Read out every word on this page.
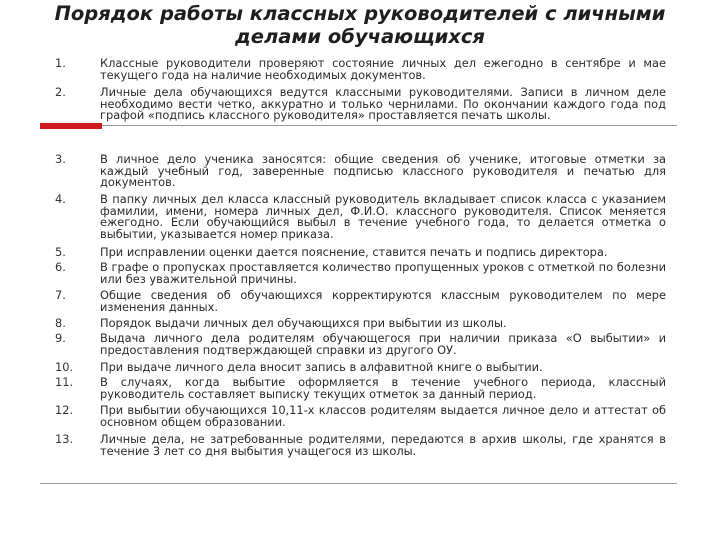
Порядок работы классных руководителей с личными
делами обучающихся
1.	Классные руководители проверяют состояние личных дел ежегодно в сентябре и мае текущего года на наличие необходимых документов.
2.	Личные дела обучающихся ведутся классными руководителями. Записи в личном деле необходимо вести четко, аккуратно и только чернилами. По окончании каждого года под графой «подпись классного руководителя» проставляется печать школы.
3.	В личное дело ученика заносятся: общие сведения об ученике, итоговые отметки за каждый учебный год, заверенные подписью классного руководителя и печатью для документов.
4.	В папку личных дел класса классный руководитель вкладывает список класса с указанием фамилии, имени, номера личных дел, Ф.И.О. классного руководителя. Список меняется ежегодно. Если обучающийся выбыл в течение учебного года, то делается отметка о выбытии, указывается номер приказа.
5.	При исправлении оценки дается пояснение, ставится печать и подпись директора.
6.	В графе о пропусках проставляется количество пропущенных уроков с отметкой по болезни или без уважительной причины.
7.	Общие сведения об обучающихся корректируются классным руководителем по мере изменения данных.
8.	Порядок выдачи личных дел обучающихся при выбытии из школы.
9.	Выдача личного дела родителям обучающегося при наличии приказа «О выбытии» и предоставления подтверждающей справки из другого ОУ.
10.	При выдаче личного дела вносит запись в алфавитной книге о выбытии.
11.	В случаях, когда выбытие оформляется в течение учебного периода, классный руководитель составляет выписку текущих отметок за данный период.
12.	При выбытии обучающихся 10,11-х классов родителям выдается личное дело и аттестат об основном общем образовании.
13.	Личные дела, не затребованные родителями, передаются в архив школы, где хранятся в течение 3 лет со дня выбытия учащегося из школы.
